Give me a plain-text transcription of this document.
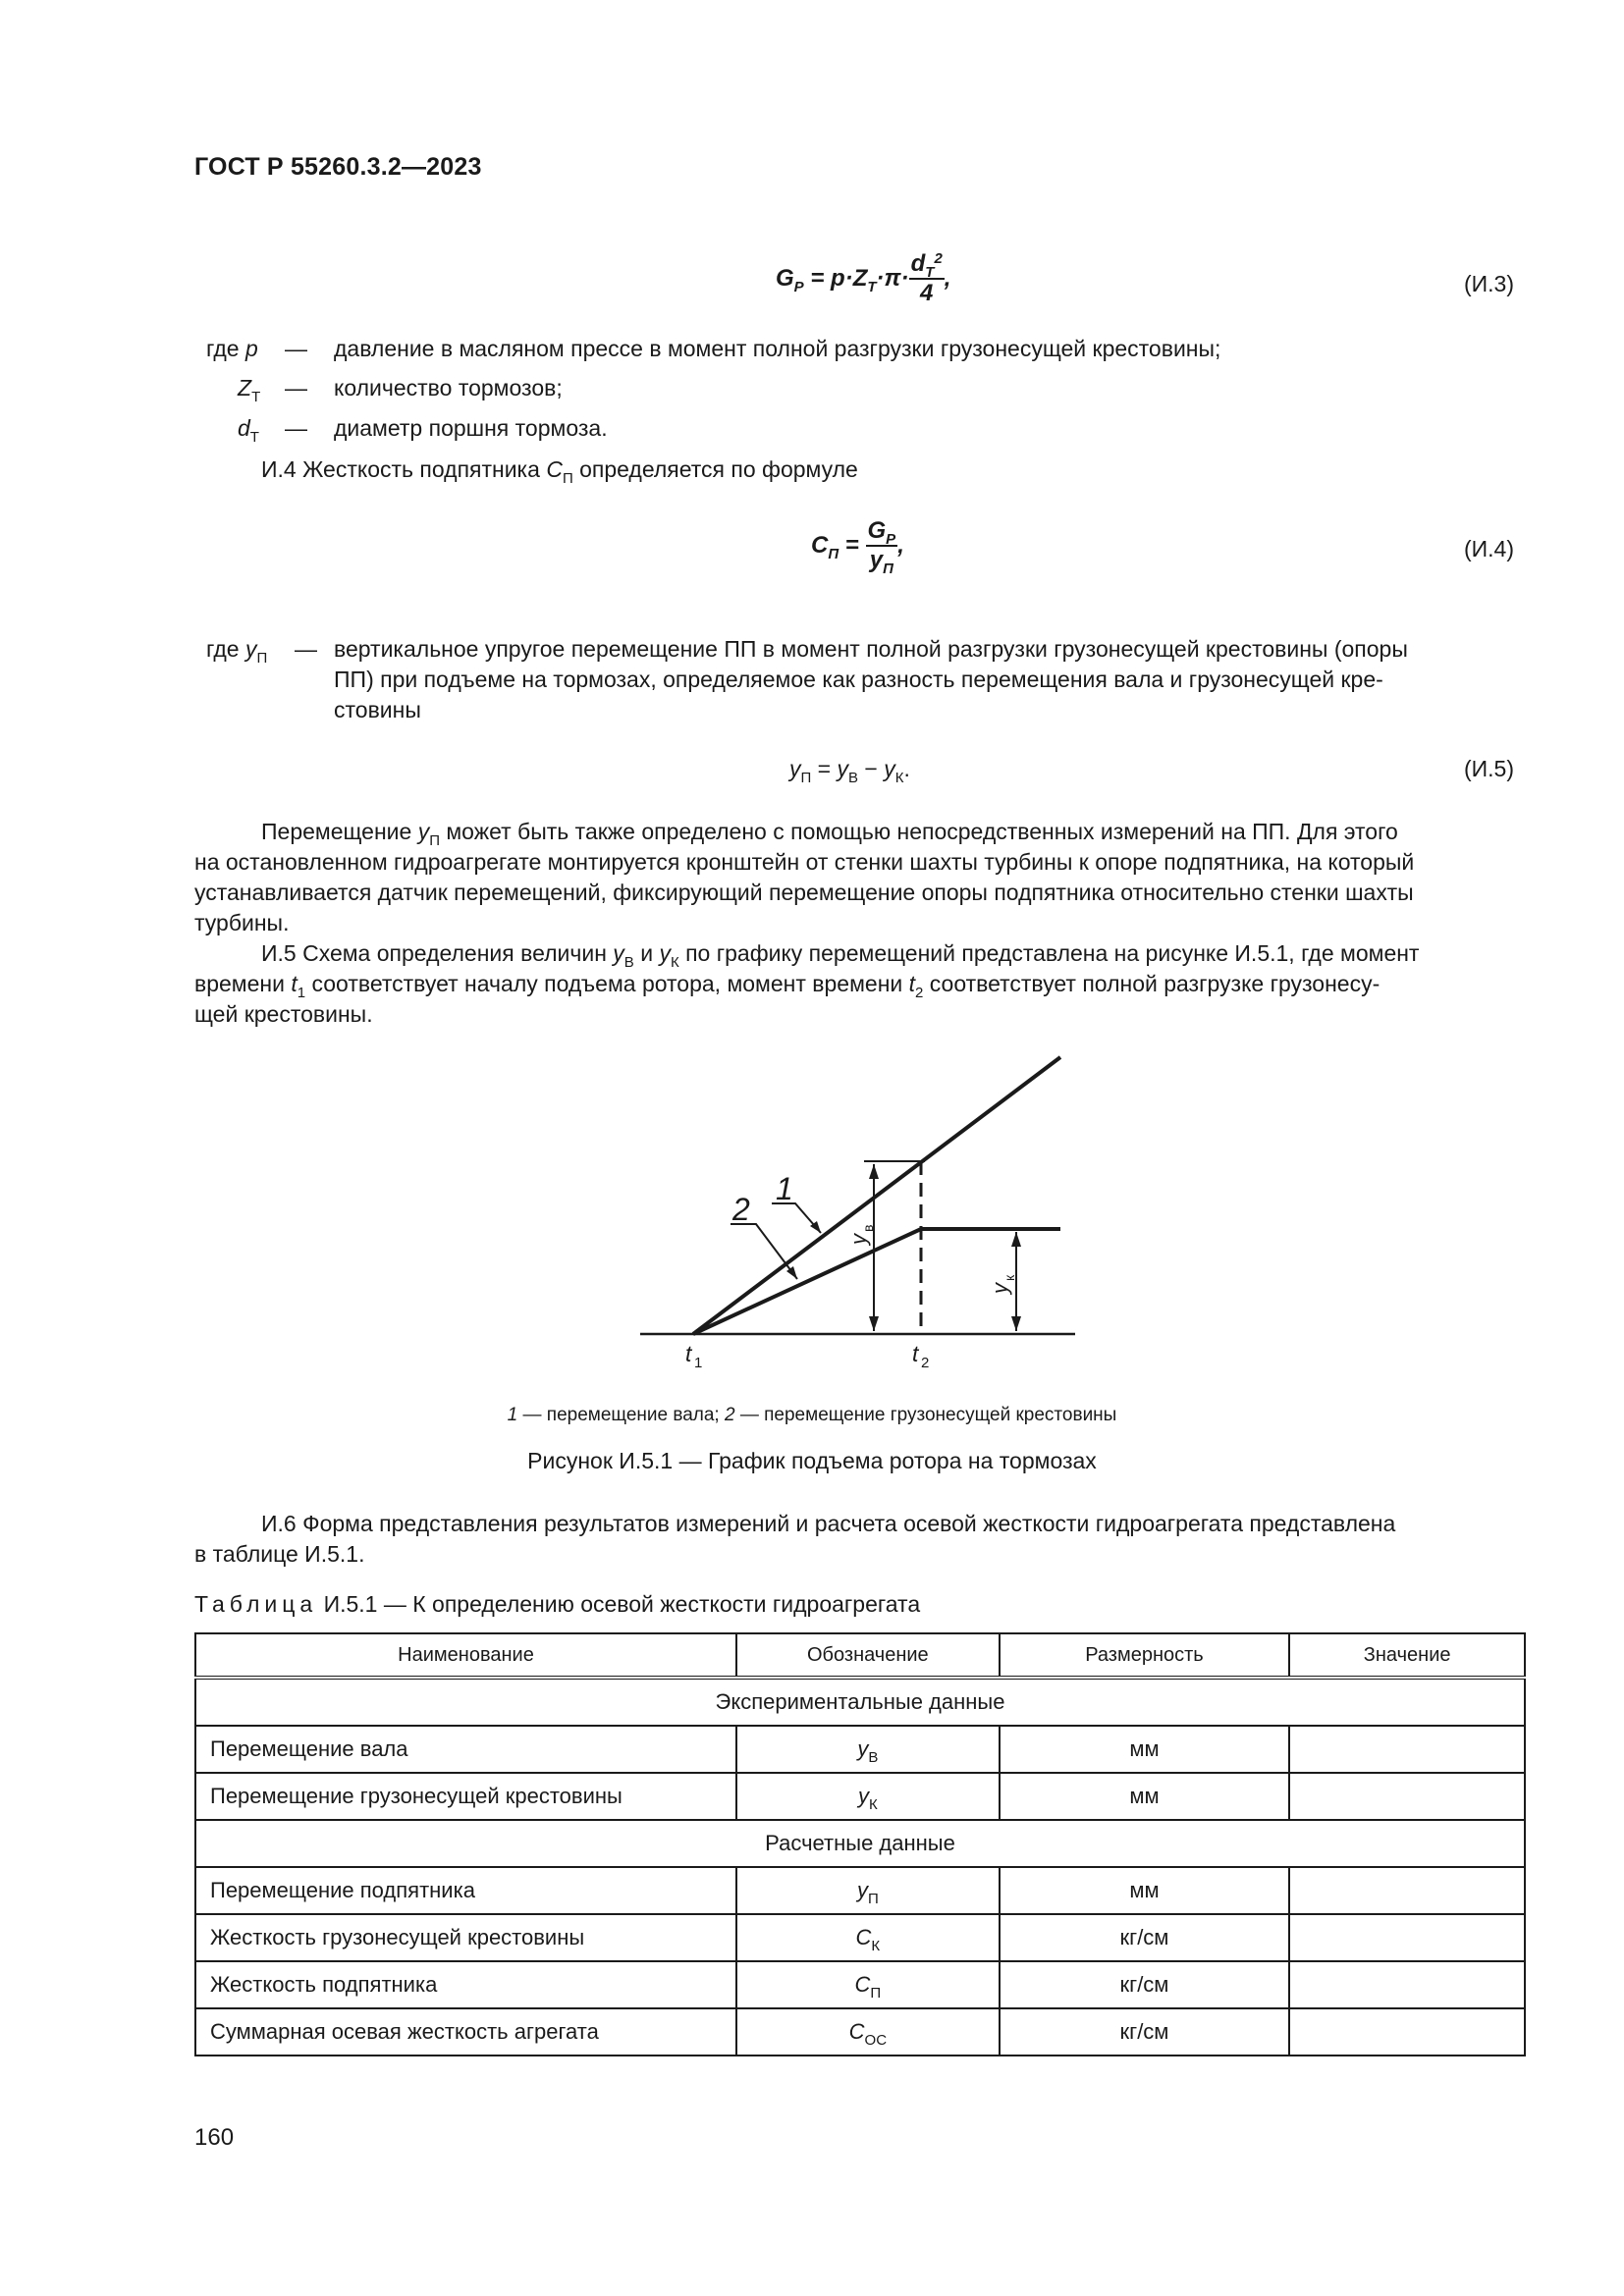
ГОСТ Р 55260.3.2—2023
$G_P = p\cdot Z_T\cdot\pi\cdot \frac{d_T^2}{4}$ ,	(И.3)
где p — давление в масляном прессе в момент полной разгрузки грузонесущей крестовины;
$Z_Т$ — количество тормозов;
$d_Т$ — диаметр поршня тормоза.
И.4 Жесткость подпятника $С_П$ определяется по формуле
$C_П = \frac{G_P}{y_П}$ ,	(И.4)
где $у_П$ — вертикальное упругое перемещение ПП в момент полной разгрузки грузонесущей крестовины (опоры
ПП) при подъеме на тормозах, определяемое как разность перемещения вала и грузонесущей кре-
стовины
$y_П = y_В - y_К$.	(И.5)
Перемещение $y_П$ может быть также определено с помощью непосредственных измерений на ПП. Для этого
на остановленном гидроагрегате монтируется кронштейн от стенки шахты турбины к опоре подпятника, на который
устанавливается датчик перемещений, фиксирующий перемещение опоры подпятника относительно стенки шахты
турбины.
И.5 Схема определения величин $y_В$ и $y_К$ по графику перемещений представлена на рисунке И.5.1, где момент
времени $t_1$ соответствует началу подъема ротора, момент времени $t_2$ соответствует полной разгрузке грузонесу-
щей крестовины.
1
2
у
в
у
к
t 1	t 2
1 — перемещение вала; 2 — перемещение грузонесущей крестовины
Рисунок И.5.1 — График подъема ротора на тормозах
И.6 Форма представления результатов измерений и расчета осевой жесткости гидроагрегата представлена
в таблице И.5.1.
Таблица И.5.1 — К определению осевой жесткости гидроагрегата
Наименование	Обозначение	Размерность	Значение
Экспериментальные данные			
Перемещение вала	$у_В$	мм	
Перемещение грузонесущей крестовины	$у_К$	мм	
Расчетные данные			
Перемещение подпятника	$у_П$	мм	
Жесткость грузонесущей крестовины	$С_К$	кг/см	
Жесткость подпятника	$С_П$	кг/см	
Суммарная осевая жесткость агрегата	$С_{ОС}$	кг/см	
160
